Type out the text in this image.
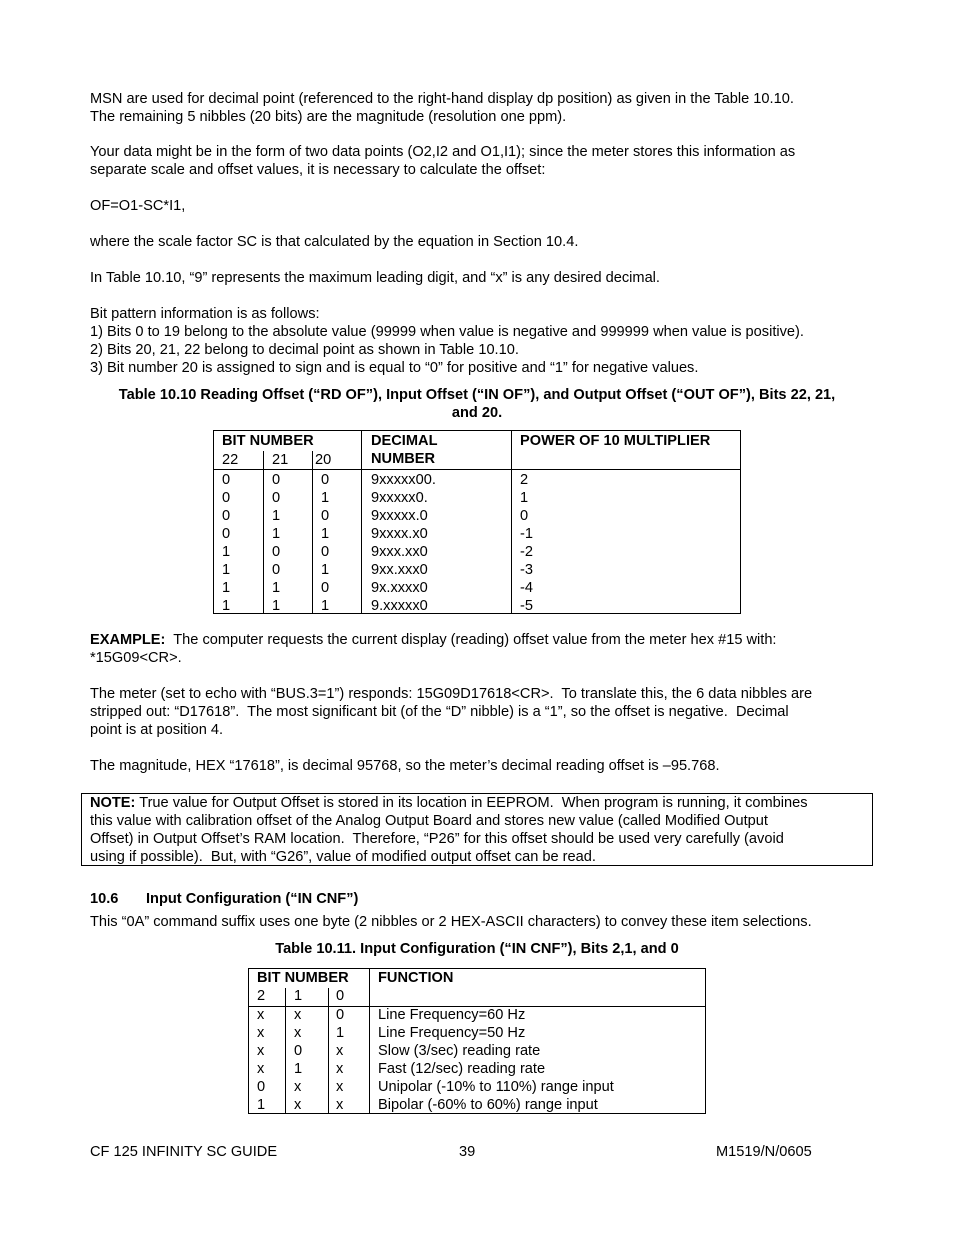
MSN are used for decimal point (referenced to the right-hand display dp position) as given in the Table 10.10.

The remaining 5 nibbles (20 bits) are the magnitude (resolution one ppm).

Your data might be in the form of two data points (O2,I2 and O1,I1); since the meter stores this information as

separate scale and offset values, it is necessary to calculate the offset:

OF=O1-SC*I1,

where the scale factor SC is that calculated by the equation in Section 10.4.

In Table 10.10, “9” represents the maximum leading digit, and “x” is any desired decimal.

Bit pattern information is as follows:

1) Bits 0 to 19 belong to the absolute value (99999 when value is negative and 999999 when value is positive).

2) Bits 20, 21, 22 belong to decimal point as shown in Table 10.10.

3) Bit number 20 is assigned to sign and is equal to “0” for positive and “1” for negative values.

Table 10.10 Reading Offset (“RD OF”), Input Offset (“IN OF”), and Output Offset (“OUT OF”), Bits 22, 21,

and 20.

BIT NUMBER
22 21 20
DECIMAL
NUMBER
POWER OF 10 MULTIPLIER
0	0	0	9xxxxx00.	2
0	0	1	9xxxxx0.	1
0	1	0	9xxxxx.0	0
0	1	1	9xxxx.x0	-1
1	0	0	9xxx.xx0	-2
1	0	1	9xx.xxx0	-3
1	1	0	9x.xxxx0	-4
1	1	1	9.xxxxx0	-5

EXAMPLE:  The computer requests the current display (reading) offset value from the meter hex #15 with:

*15G09<CR>.

The meter (set to echo with “BUS.3=1”) responds: 15G09D17618<CR>.  To translate this, the 6 data nibbles are

stripped out: “D17618”.  The most significant bit (of the “D” nibble) is a “1”, so the offset is negative.  Decimal

point is at position 4.

The magnitude, HEX “17618”, is decimal 95768, so the meter’s decimal reading offset is –95.768.

NOTE: True value for Output Offset is stored in its location in EEPROM.  When program is running, it combines

this value with calibration offset of the Analog Output Board and stores new value (called Modified Output

Offset) in Output Offset’s RAM location.  Therefore, “P26” for this offset should be used very carefully (avoid

using if possible).  But, with “G26”, value of modified output offset can be read.

10.6 Input Configuration (“IN CNF”)

This “0A” command suffix uses one byte (2 nibbles or 2 HEX-ASCII characters) to convey these item selections.

Table 10.11. Input Configuration (“IN CNF”), Bits 2,1, and 0

BIT NUMBER
2 1 0
FUNCTION
x x 0 Line Frequency=60 Hz
x x 1 Line Frequency=50 Hz
x 0 x Slow (3/sec) reading rate
x 1 x Fast (12/sec) reading rate
0 x x Unipolar (-10% to 110%) range input
1 x x Bipolar (-60% to 60%) range input

CF 125 INFINITY SC GUIDE	39	M1519/N/0605
